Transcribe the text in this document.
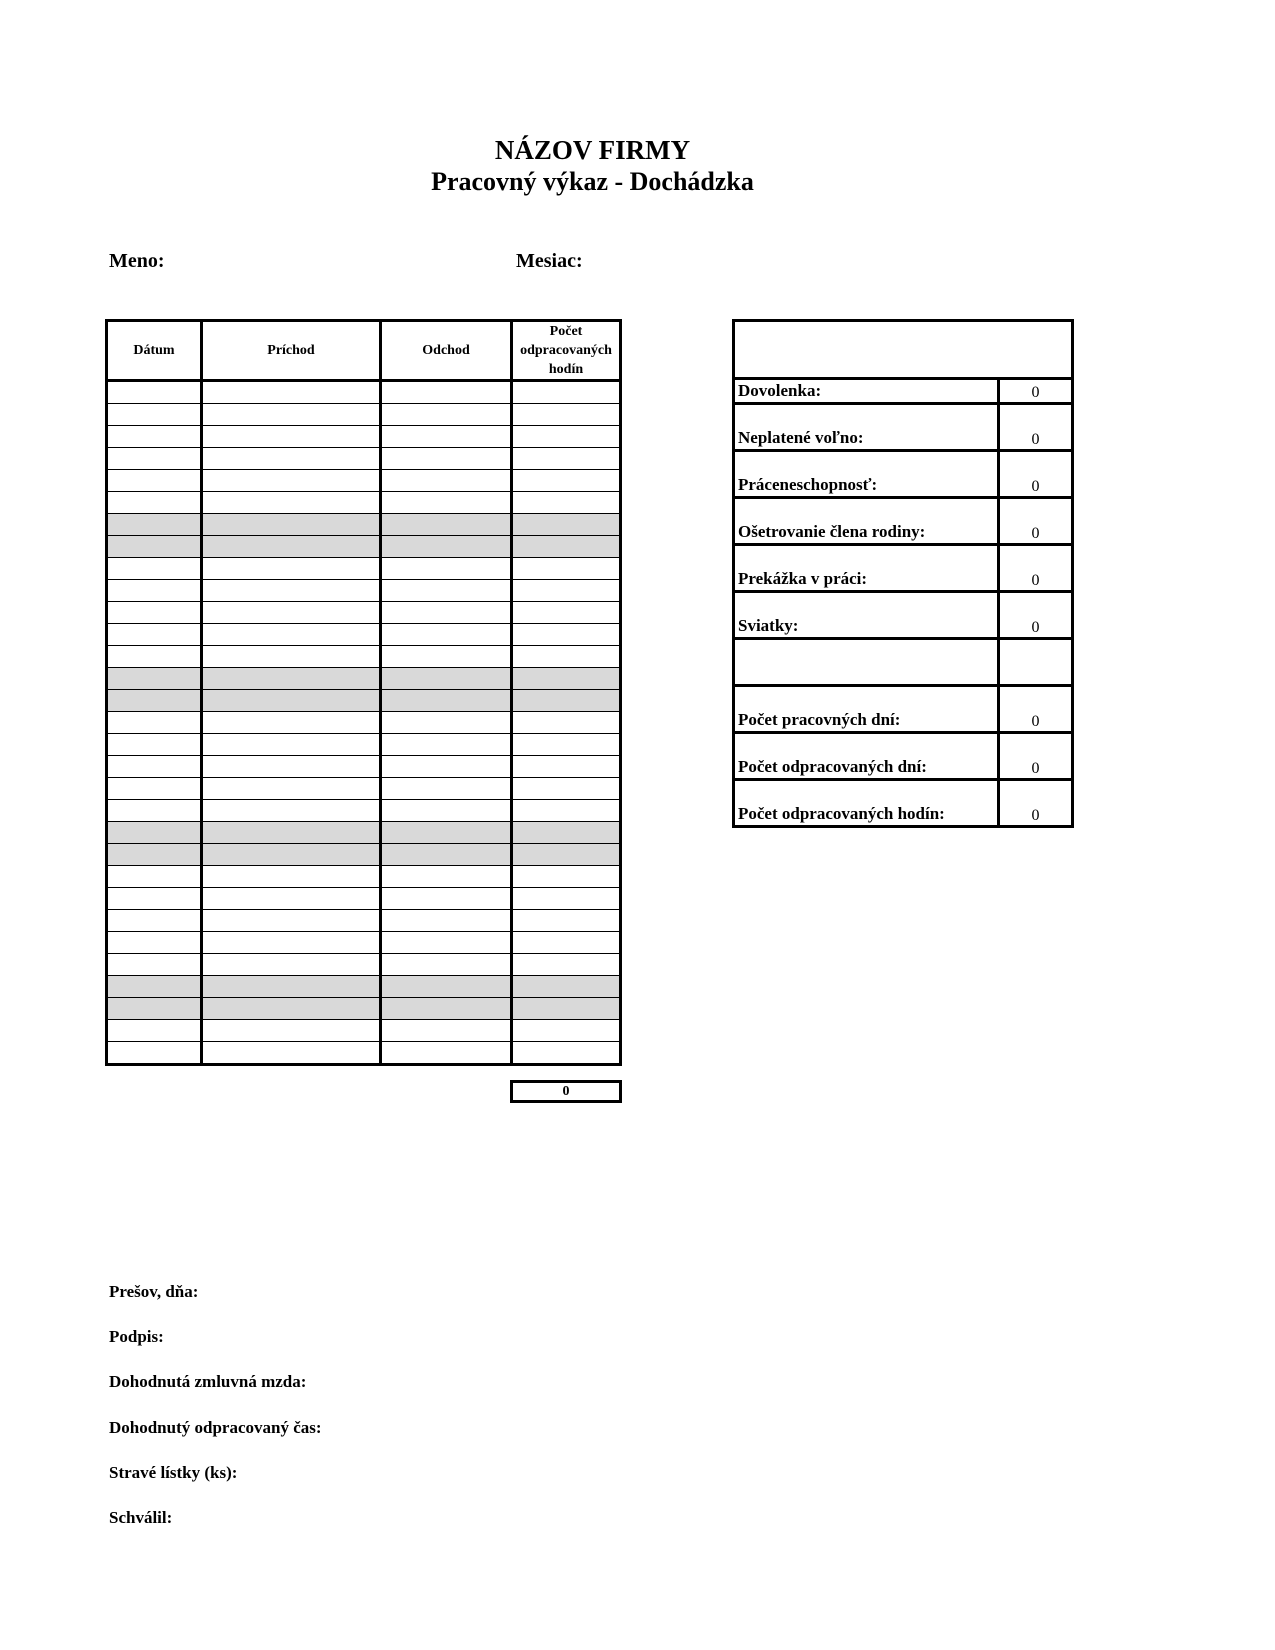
NÁZOV FIRMY
Pracovný výkaz - Dochádzka
Meno:	Mesiac:
Dátum	Príchod	Odchod	Počet
odpracovaných
hodín

0

Dovolenka:	0
Neplatené voľno:	0
Práceneschopnosť:	0
Ošetrovanie člena rodiny:	0
Prekážka v práci:	0
Sviatky:	0

Počet pracovných dní:	0
Počet odpracovaných dní:	0
Počet odpracovaných hodín:	0
Prešov, dňa:
Podpis:
Dohodnutá zmluvná mzda:
Dohodnutý odpracovaný čas:
Stravé lístky (ks):
Schválil:
